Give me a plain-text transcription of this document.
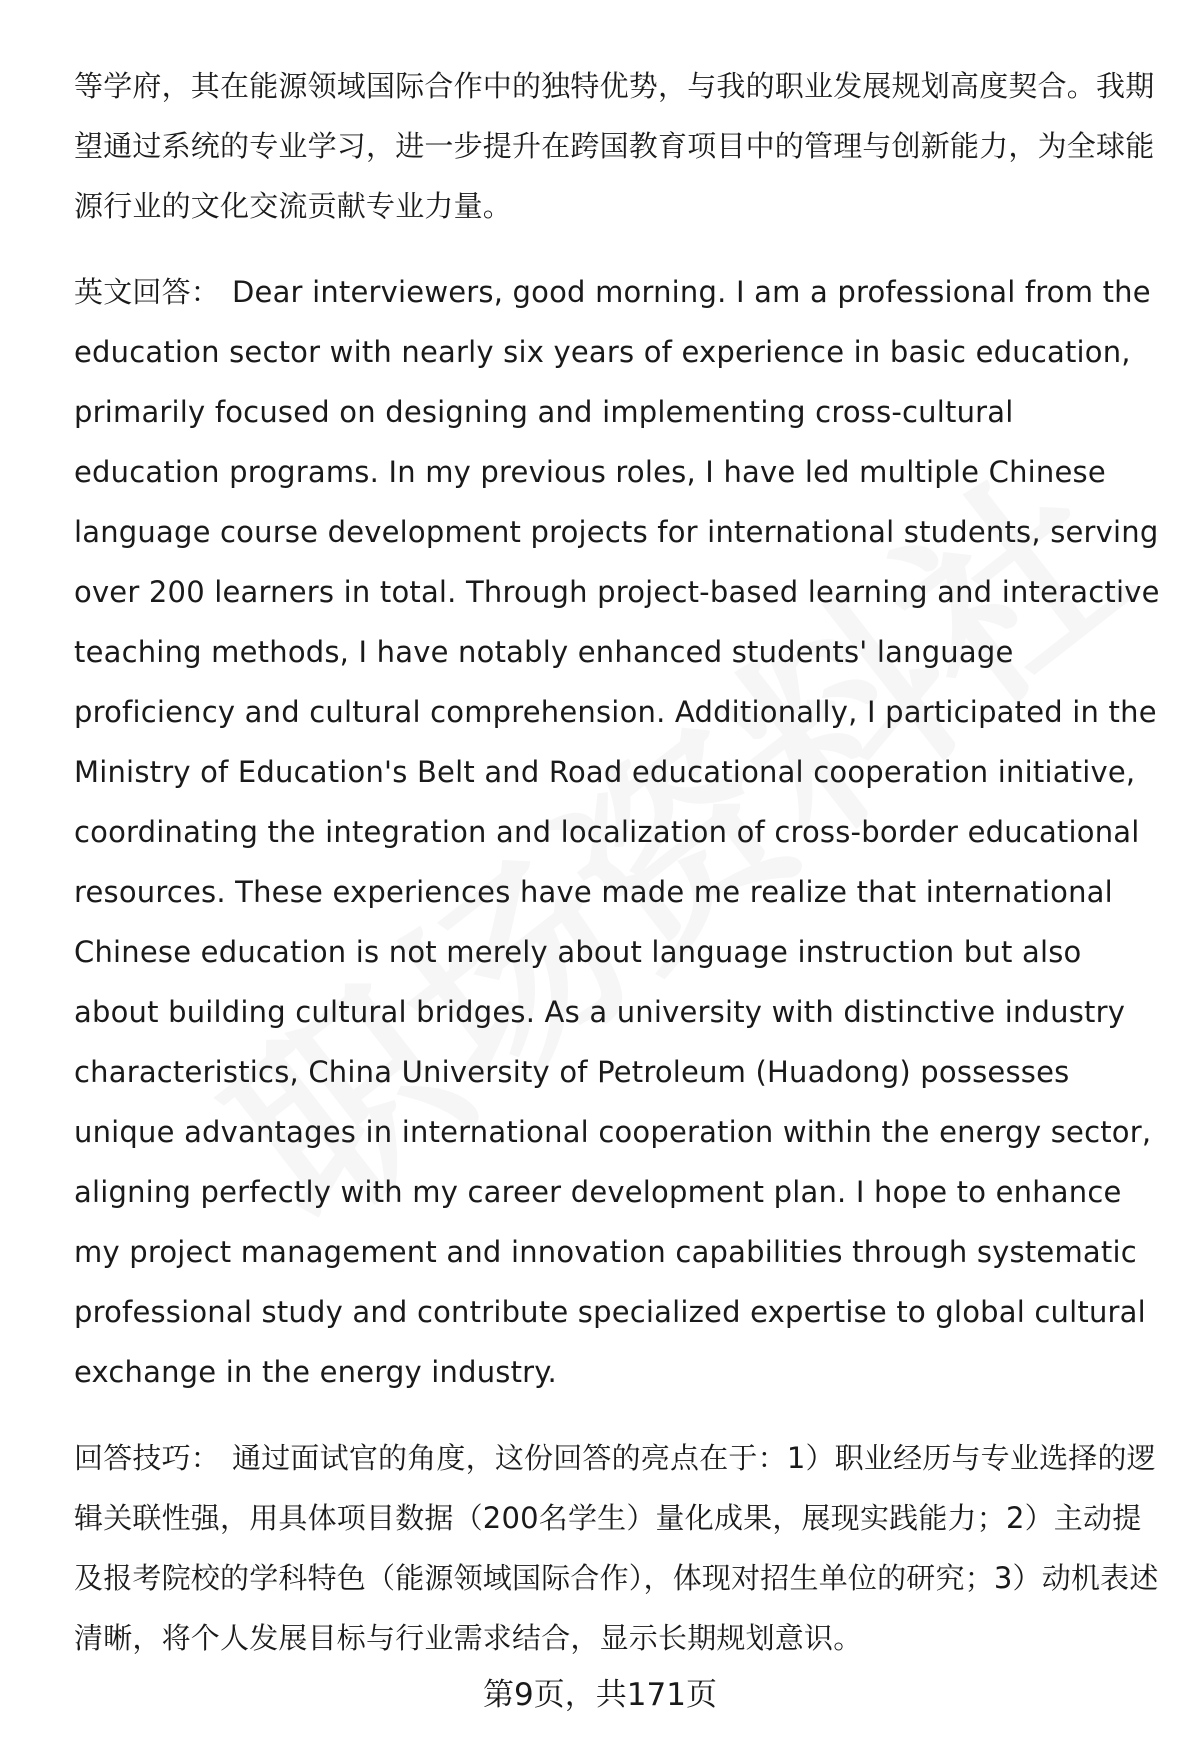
等学府，其在能源领域国际合作中的独特优势，与我的职业发展规划高度契合。我期望通过系统的专业学习，进一步提升在跨国教育项目中的管理与创新能力，为全球能源行业的文化交流贡献专业力量。

英文回答： Dear interviewers, good morning. I am a professional from the education sector with nearly six years of experience in basic education, primarily focused on designing and implementing cross-cultural education programs. In my previous roles, I have led multiple Chinese language course development projects for international students, serving over 200 learners in total. Through project-based learning and interactive teaching methods, I have notably enhanced students' language proficiency and cultural comprehension. Additionally, I participated in the Ministry of Education's Belt and Road educational cooperation initiative, coordinating the integration and localization of cross-border educational resources. These experiences have made me realize that international Chinese education is not merely about language instruction but also about building cultural bridges. As a university with distinctive industry characteristics, China University of Petroleum (Huadong) possesses unique advantages in international cooperation within the energy sector, aligning perfectly with my career development plan. I hope to enhance my project management and innovation capabilities through systematic professional study and contribute specialized expertise to global cultural exchange in the energy industry.

回答技巧： 通过面试官的角度，这份回答的亮点在于：1）职业经历与专业选择的逻辑关联性强，用具体项目数据（200名学生）量化成果，展现实践能力；2）主动提及报考院校的学科特色（能源领域国际合作），体现对招生单位的研究；3）动机表述清晰，将个人发展目标与行业需求结合，显示长期规划意识。

第9页，共171页
